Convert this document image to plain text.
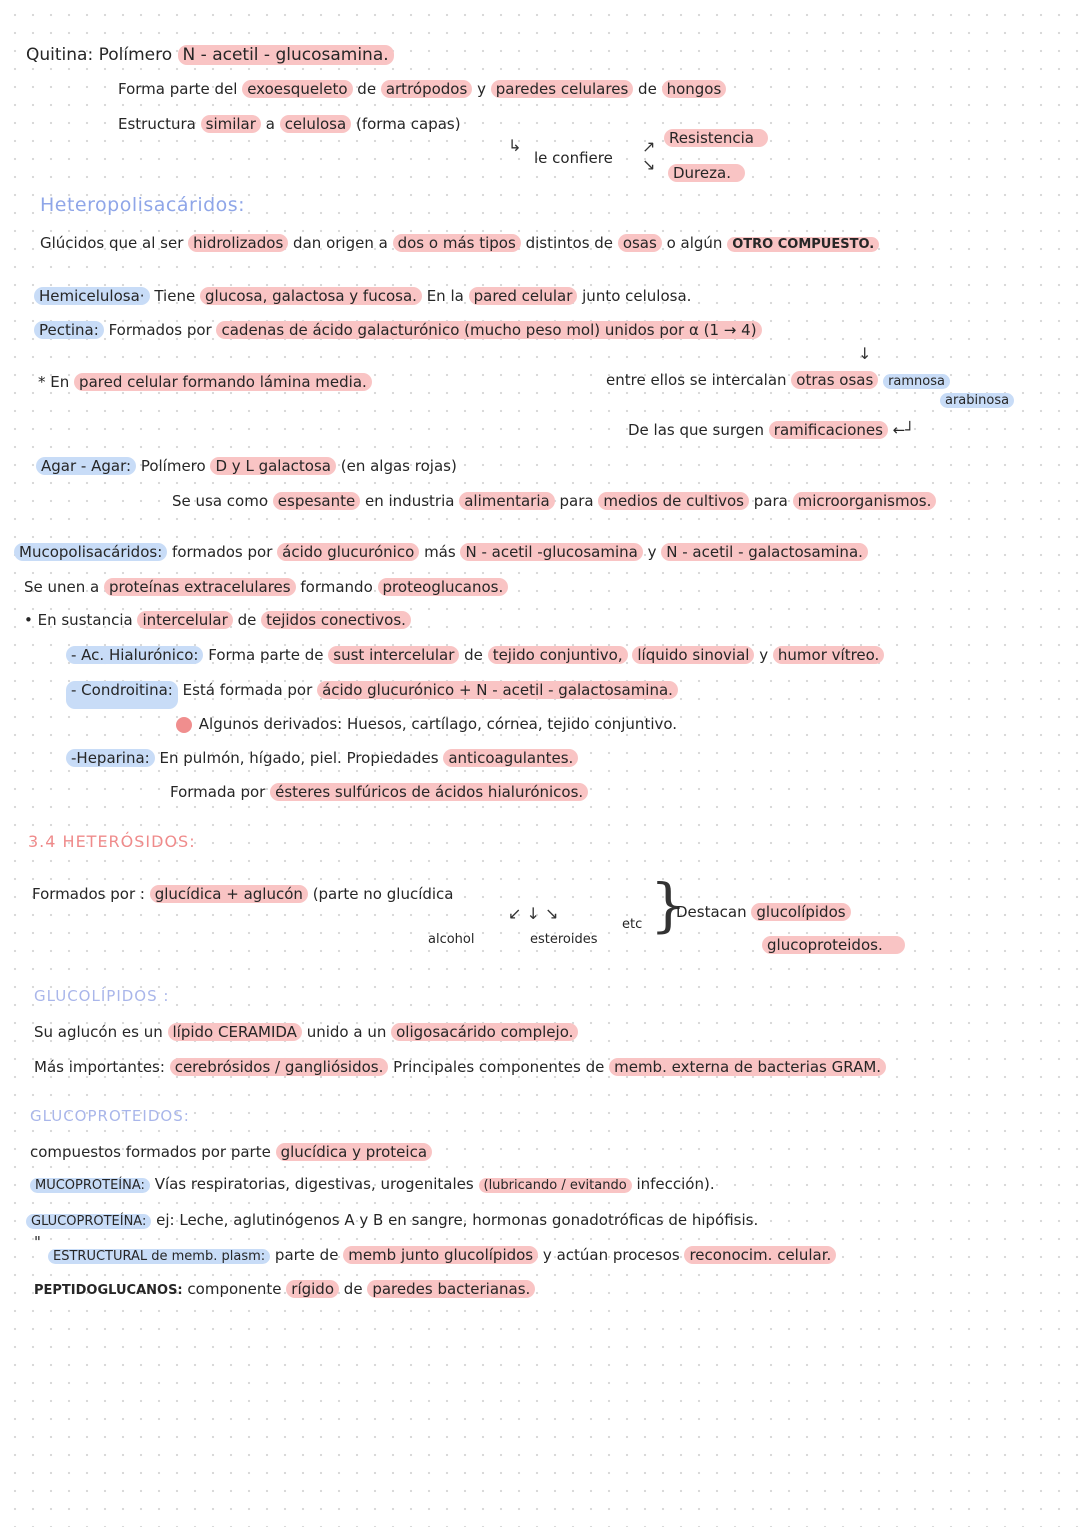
Quitina: Polímero N - acetil - glucosamina.
Forma parte del exoesqueleto de artrópodos y paredes celulares de hongos
Estructura similar a celulosa (forma capas)
↳
le confiere
↗
↘
Resistencia
Dureza.
Heteropolisacáridos:
Glúcidos que al ser hidrolizados dan origen a dos o más tipos distintos de osas o algún OTRO COMPUESTO.
Hemicelulosa· Tiene glucosa, galactosa y fucosa. En la pared celular junto celulosa.
Pectina: Formados por cadenas de ácido galacturónico (mucho peso mol) unidos por α (1 → 4)
↓
* En pared celular formando lámina media.	entre ellos se intercalan otras osas ramnosa
arabinosa
De las que surgen ramificaciones ←┘
Agar - Agar: Polímero D y L galactosa (en algas rojas)
Se usa como espesante en industria alimentaria para medios de cultivos para microorganismos.
Mucopolisacáridos: formados por ácido glucurónico más N - acetil -glucosamina y N - acetil - galactosamina.
Se unen a proteínas extracelulares formando proteoglucanos.
• En sustancia intercelular de tejidos conectivos.
- Ac. Hialurónico: Forma parte de sust intercelular de tejido conjuntivo, líquido sinovial y humor vítreo.
- Condroitina: Está formada por ácido glucurónico + N - acetil - galactosamina.
Algunos derivados: Huesos, cartílago, córnea, tejido conjuntivo.
-Heparina: En pulmón, hígado, piel. Propiedades anticoagulantes.
Formada por ésteres sulfúricos de ácidos hialurónicos.
3.4 HETERÓSIDOS:
Formados por : glucídica + aglucón (parte no glucídica
↙ ↓ ↘
etc
alcohol	esteroides
}
Destacan glucolípidos
glucoproteidos.
GLUCOLÍPIDOS :
Su aglucón es un lípido CERAMIDA unido a un oligosacárido complejo.
Más importantes: cerebrósidos / gangliósidos. Principales componentes de memb. externa de bacterias GRAM.
GLUCOPROTEIDOS:
compuestos formados por parte glucídica y proteica
MUCOPROTEÍNA: Vías respiratorias, digestivas, urogenitales (lubricando / evitando infección).
GLUCOPROTEÍNA: ej: Leche, aglutinógenos A y B en sangre, hormonas gonadotróficas de hipófisis.
"
ESTRUCTURAL de memb. plasm: parte de memb junto glucolípidos y actúan procesos reconocim. celular.
PEPTIDOGLUCANOS: componente rígido de paredes bacterianas.
